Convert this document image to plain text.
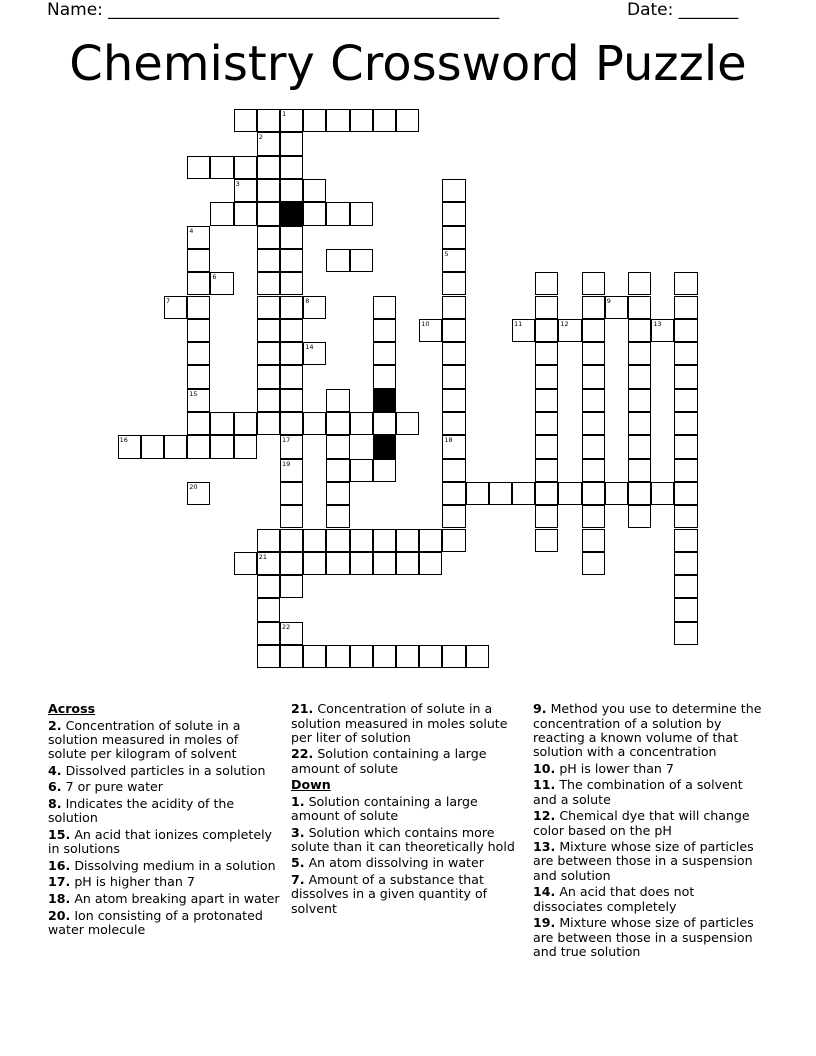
Name: ______________________________________________	Date: _______
Chemistry Crossword Puzzle
1
17
19
2
4
15
5
18
21
3
6
7	8	9
10	11	12	13
14
16
20
22
Across
2. Concentration of solute in a solution measured in moles of solute per kilogram of solvent
4. Dissolved particles in a solution
6. 7 or pure water
8. Indicates the acidity of the solution
15. An acid that ionizes completely in solutions
16. Dissolving medium in a solution
17. pH is higher than 7
18. An atom breaking apart in water
20. Ion consisting of a protonated water molecule
21. Concentration of solute in a solution measured in moles solute per liter of solution
22. Solution containing a large amount of solute
Down
1. Solution containing a large amount of solute
3. Solution which contains more solute than it can theoretically hold
5. An atom dissolving in water
7. Amount of a substance that dissolves in a given quantity of solvent
9. Method you use to determine the concentration of a solution by reacting a known volume of that solution with a concentration
10. pH is lower than 7
11. The combination of a solvent and a solute
12. Chemical dye that will change color based on the pH
13. Mixture whose size of particles are between those in a suspension and solution
14. An acid that does not dissociates completely
19. Mixture whose size of particles are between those in a suspension and true solution
